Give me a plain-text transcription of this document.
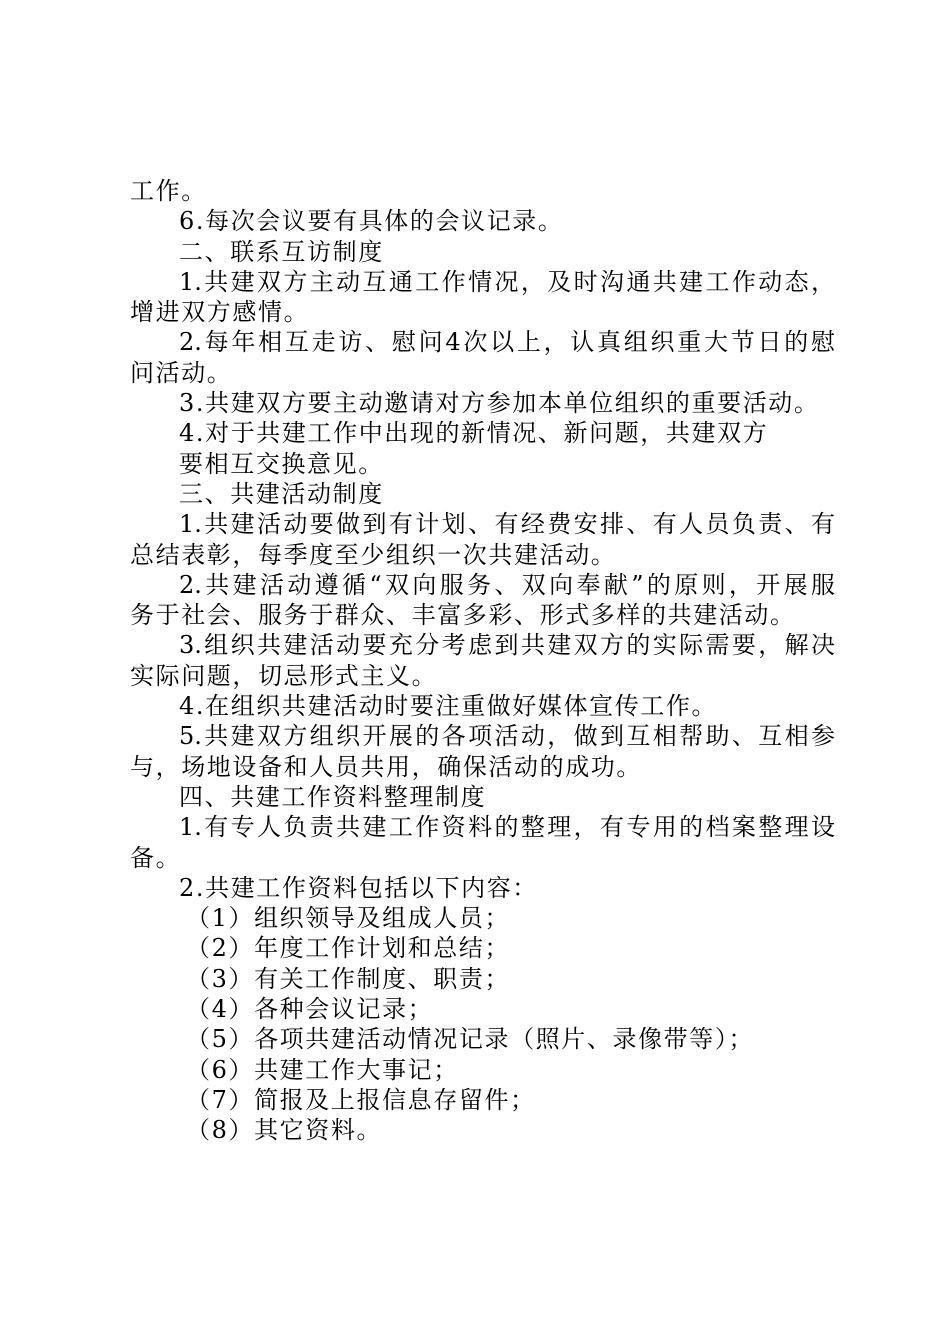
工作。
6.每次会议要有具体的会议记录。
二、联系互访制度
1.共建双方主动互通工作情况，及时沟通共建工作动态，
增进双方感情。
2.每年相互走访、慰问4次以上，认真组织重大节日的慰
问活动。
3.共建双方要主动邀请对方参加本单位组织的重要活动。
4.对于共建工作中出现的新情况、新问题，共建双方
要相互交换意见。
三、共建活动制度
1.共建活动要做到有计划、有经费安排、有人员负责、有
总结表彰，每季度至少组织一次共建活动。
2.共建活动遵循“双向服务、双向奉献”的原则，开展服
务于社会、服务于群众、丰富多彩、形式多样的共建活动。
3.组织共建活动要充分考虑到共建双方的实际需要，解决
实际问题，切忌形式主义。
4.在组织共建活动时要注重做好媒体宣传工作。
5.共建双方组织开展的各项活动，做到互相帮助、互相参
与，场地设备和人员共用，确保活动的成功。
四、共建工作资料整理制度
1.有专人负责共建工作资料的整理，有专用的档案整理设
备。
2.共建工作资料包括以下内容：
（1）组织领导及组成人员；
（2）年度工作计划和总结；
（3）有关工作制度、职责；
（4）各种会议记录；
（5）各项共建活动情况记录（照片、录像带等）；
（6）共建工作大事记；
（7）简报及上报信息存留件；
（8）其它资料。
